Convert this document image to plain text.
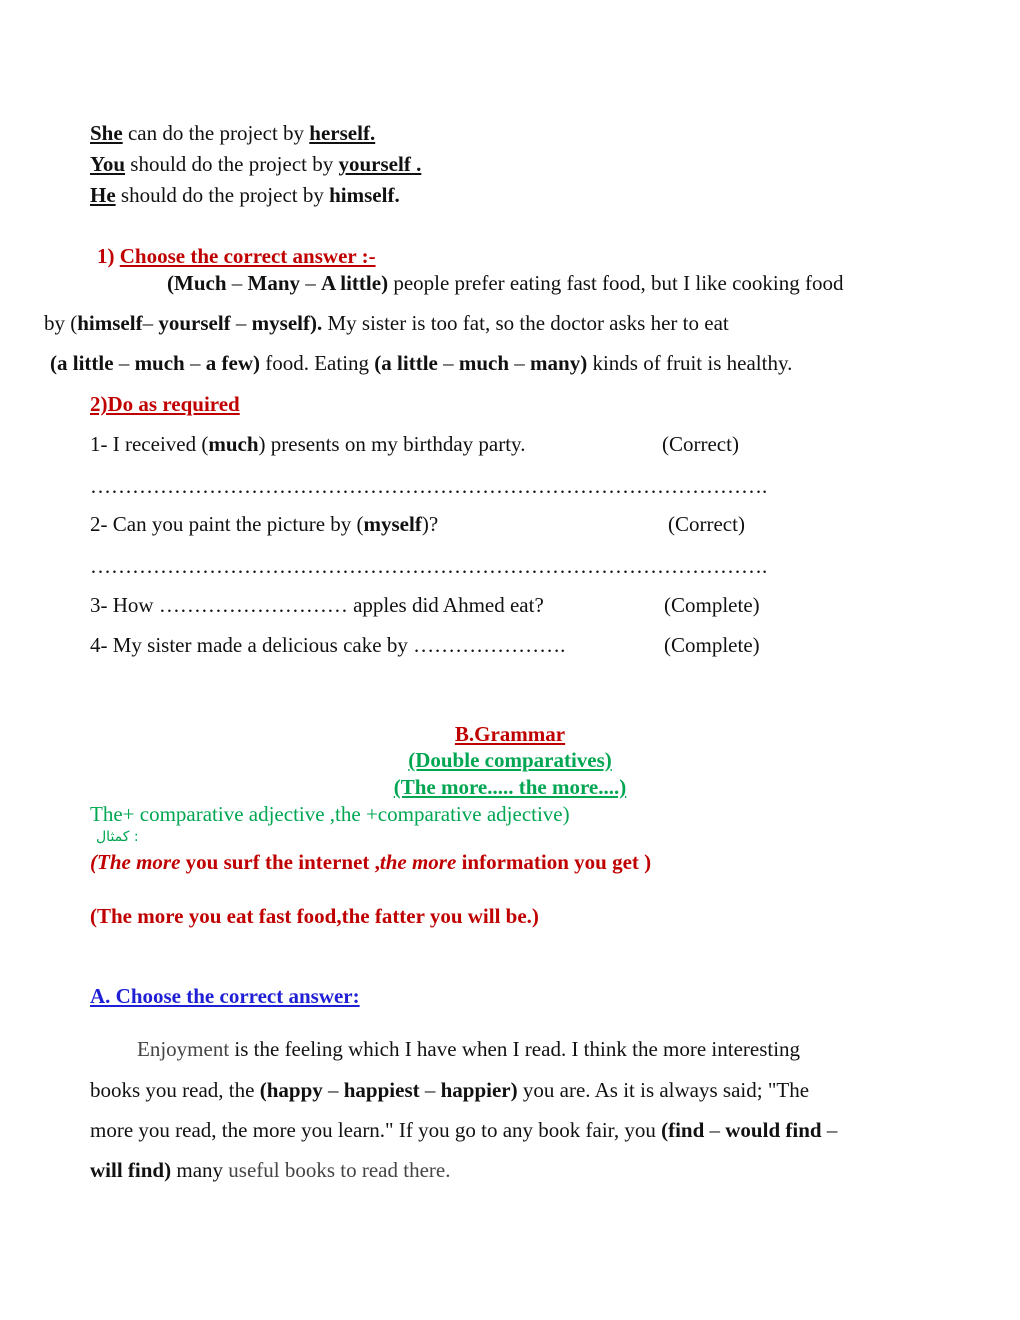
She can do the project by herself.
You should do the project by yourself .
He should do the project by himself.
1) Choose the correct answer :-
(Much – Many – A little) people prefer eating fast food, but I like cooking food
by (himself– yourself – myself). My sister is too fat, so the doctor asks her to eat
(a little – much – a few) food. Eating (a little – much – many) kinds of fruit is healthy.
2)Do as required
1- I received (much) presents on my birthday party.	(Correct)
…………………………………………………………………………………….
2- Can you paint the picture by (myself)?	(Correct)
…………………………………………………………………………………….
3- How ……………………… apples did Ahmed eat?	(Complete)
4- My sister made a delicious cake by ………………….	(Complete)
B.Grammar
(Double comparatives)
(The more..... the more....)
The+ comparative adjective ,the +comparative adjective)
كمثال :
(The more you surf the internet ,the more information you get )
(The more you eat fast food,the fatter you will be.)
A. Choose the correct answer:
Enjoyment is the feeling which I have when I read. I think the more interesting
books you read, the (happy – happiest – happier) you are. As it is always said; "The
more you read, the more you learn." If you go to any book fair, you (find – would find –
will find) many useful books to read there.
